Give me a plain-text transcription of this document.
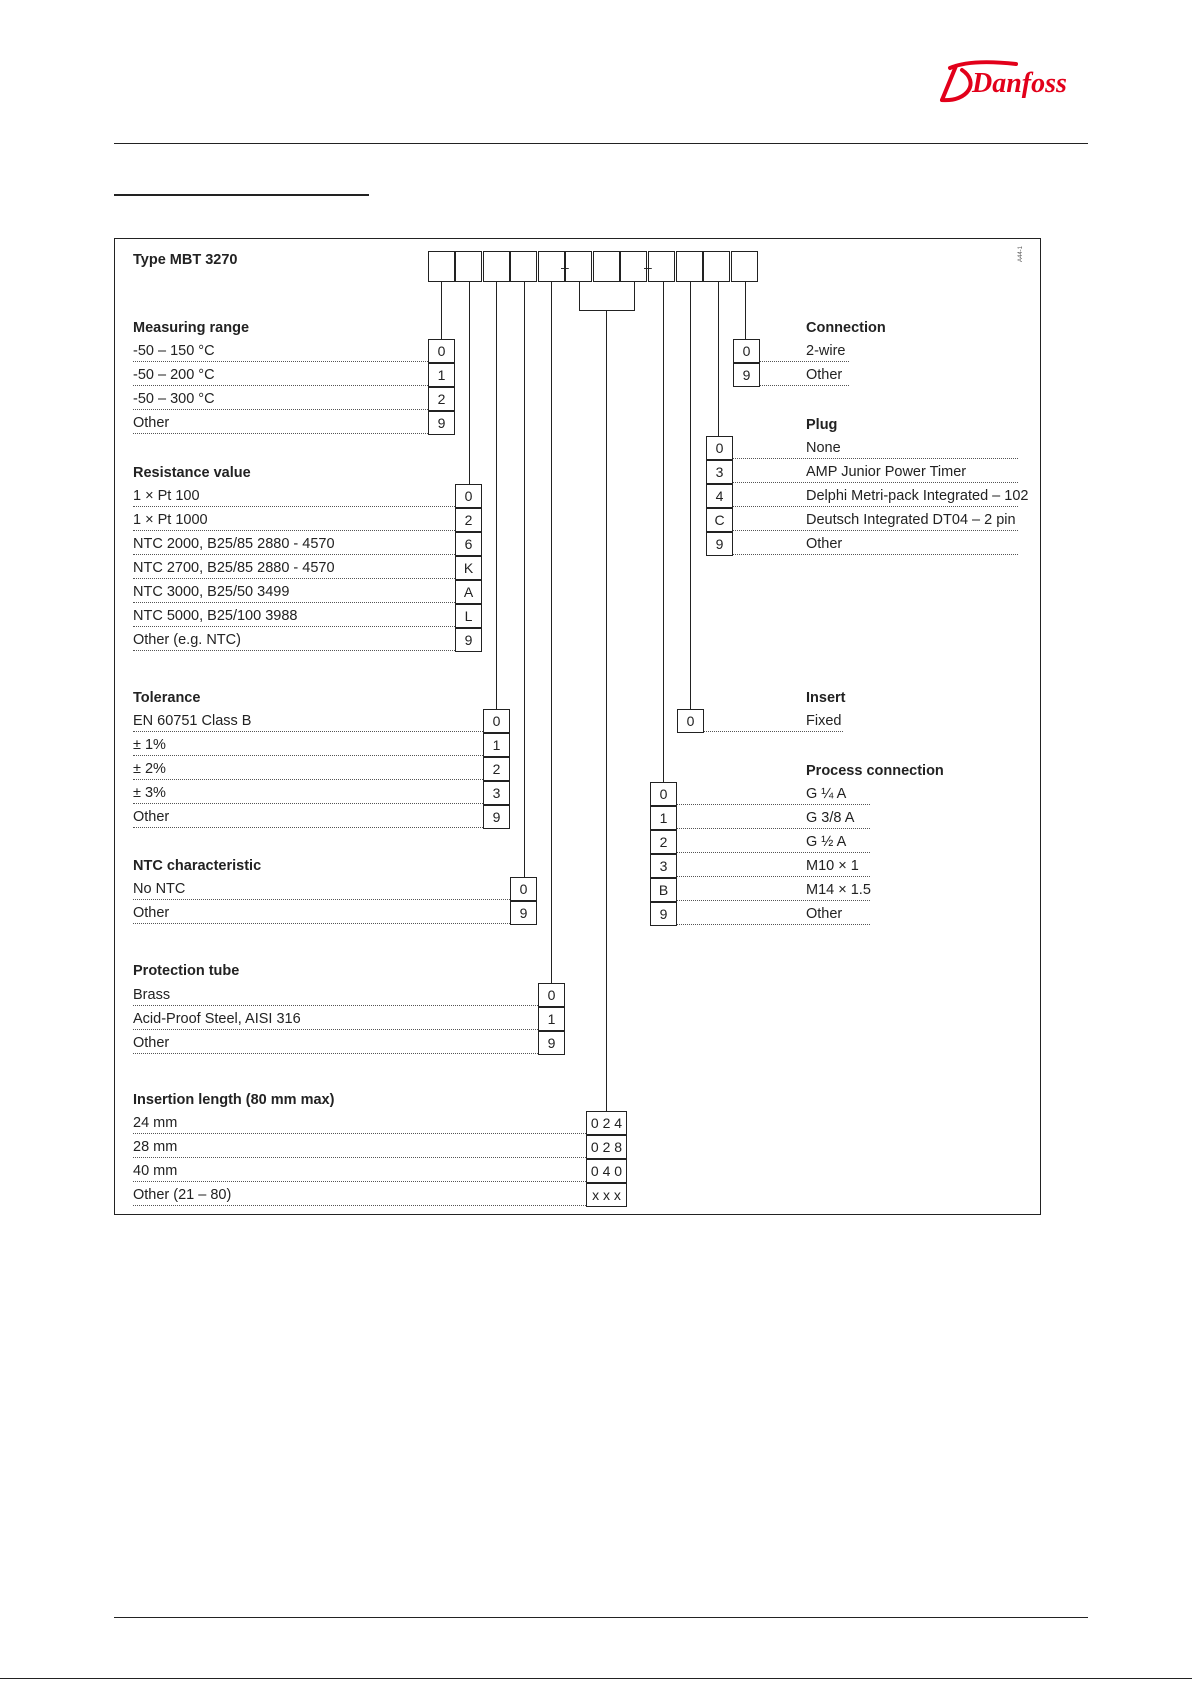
Danfoss
Type MBT 3270	A44-1
Measuring range
-50 – 150 °C	0
-50 – 200 °C	1
-50 – 300 °C	2
Other	9
Resistance value
1 × Pt 100	0
1 × Pt 1000	2
NTC 2000, B25/85 2880 - 4570	6
NTC 2700, B25/85 2880 - 4570	K
NTC 3000, B25/50 3499	A
NTC 5000, B25/100 3988	L
Other (e.g. NTC)	9
Tolerance
EN 60751 Class B	0
± 1%	1
± 2%	2
± 3%	3
Other	9
NTC characteristic
No NTC	0
Other	9
Protection tube
Brass	0
Acid-Proof Steel, AISI 316	1
Other	9
Insertion length (80 mm max)
24 mm	0 2 4
28 mm	0 2 8
40 mm	0 4 0
Other (21 – 80)	x x x
Connection
0	2-wire
9	Other
Plug
0	None
3	AMP Junior Power Timer
4	Delphi Metri-pack Integrated – 102
C	Deutsch Integrated DT04 – 2 pin
9	Other
Insert
0	Fixed
Process connection
0	G ¼ A
1	G 3/8 A
2	G ½ A
3	M10 × 1
B	M14 × 1.5
9	Other
–	–
